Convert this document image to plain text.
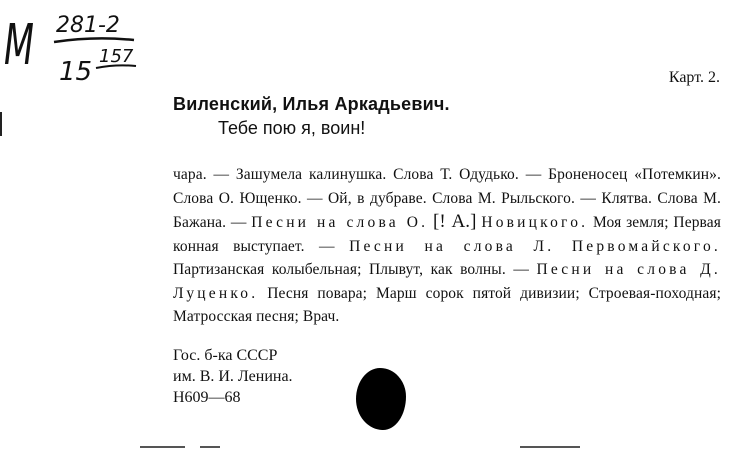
М 281-2
15
157
Карт. 2.
Виленский, Илья Аркадьевич.
Тебе пою я, воин!
чара. — Зашумела калинушка. Слова Т. Одудько. — Броненосец «Потемкин». Слова О. Ющенко. — Ой, в дубраве. Слова М. Рыльского. — Клятва. Слова М. Бажана. — Песни на слова О. [! А.] Новицкого. Моя земля; Первая конная выступает. — Песни на слова Л. Первомайского. Партизанская колыбельная; Плывут, как волны. — Песни на слова Д. Луценко. Песня повара; Марш сорок пятой дивизии; Строевая-походная; Матросская песня; Врач.
Гос. б-ка СССР
им. В. И. Ленина.
Н609—68
